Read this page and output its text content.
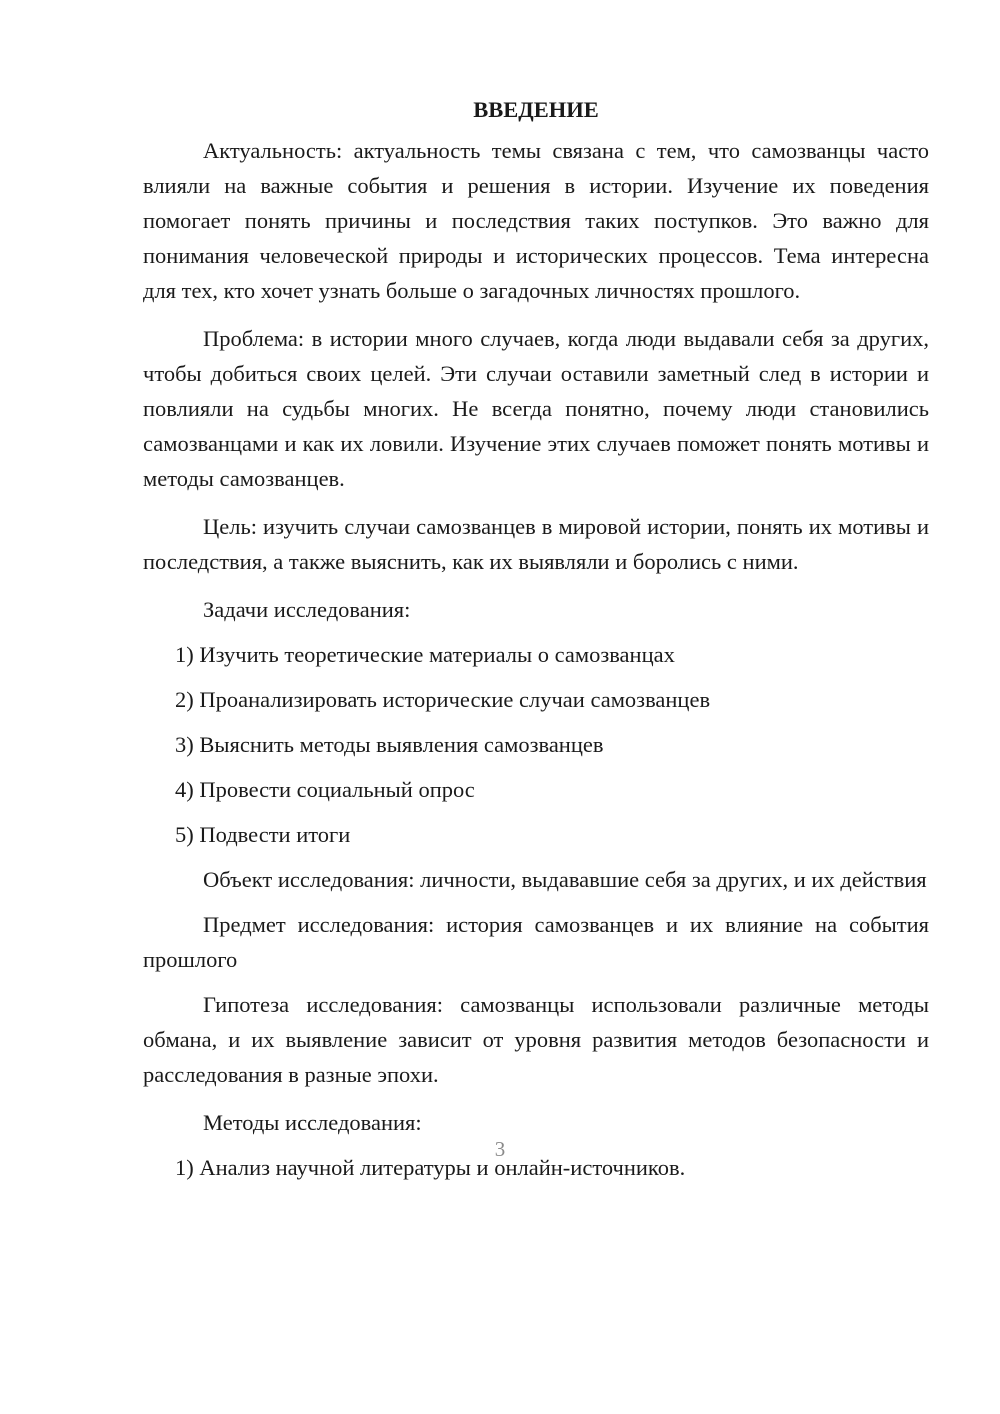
ВВЕДЕНИЕ

Актуальность: актуальность темы связана с тем, что самозванцы часто влияли на важные события и решения в истории. Изучение их поведения помогает понять причины и последствия таких поступков. Это важно для понимания человеческой природы и исторических процессов. Тема интересна для тех, кто хочет узнать больше о загадочных личностях прошлого.

Проблема: в истории много случаев, когда люди выдавали себя за других, чтобы добиться своих целей. Эти случаи оставили заметный след в истории и повлияли на судьбы многих. Не всегда понятно, почему люди становились самозванцами и как их ловили. Изучение этих случаев поможет понять мотивы и методы самозванцев.

Цель: изучить случаи самозванцев в мировой истории, понять их мотивы и последствия, а также выяснить, как их выявляли и боролись с ними.

Задачи исследования:

1) Изучить теоретические материалы о самозванцах
2) Проанализировать исторические случаи самозванцев
3) Выяснить методы выявления самозванцев
4) Провести социальный опрос
5) Подвести итоги

Объект исследования: личности, выдававшие себя за других, и их действия

Предмет исследования: история самозванцев и их влияние на события прошлого

Гипотеза исследования: самозванцы использовали различные методы обмана, и их выявление зависит от уровня развития методов безопасности и расследования в разные эпохи.

Методы исследования:

1) Анализ научной литературы и онлайн-источников.
3
